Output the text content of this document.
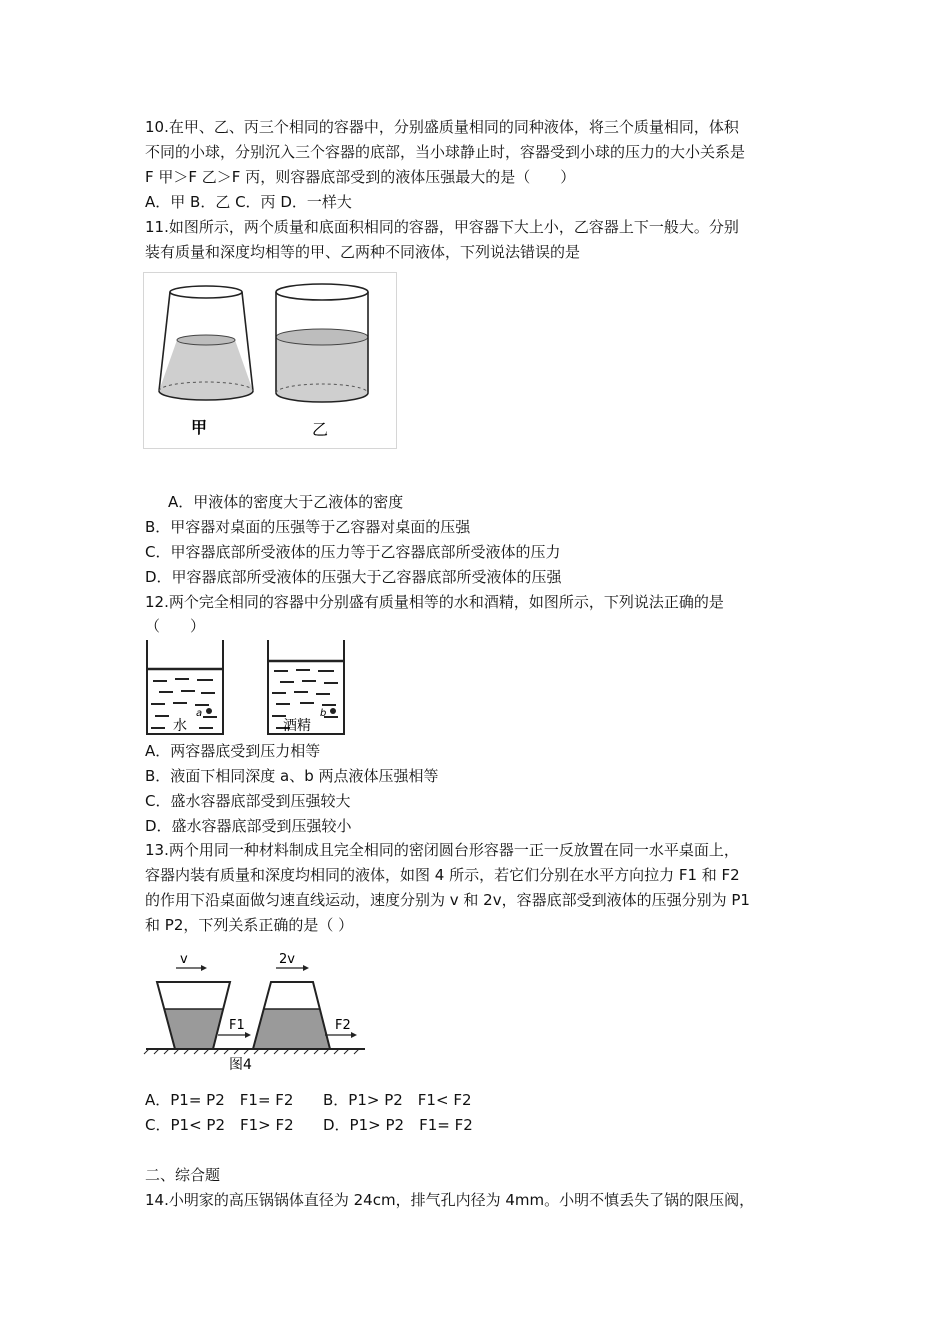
10.在甲、乙、丙三个相同的容器中，分别盛质量相同的同种液体，将三个质量相同，体积
不同的小球，分别沉入三个容器的底部，当小球静止时，容器受到小球的压力的大小关系是
F 甲＞F 乙＞F 丙，则容器底部受到的液体压强最大的是（　　）
A．甲 B．乙 C．丙 D．一样大
11.如图所示，两个质量和底面积相同的容器，甲容器下大上小，乙容器上下一般大。分别
装有质量和深度均相等的甲、乙两种不同液体，下列说法错误的是
甲	乙
A．甲液体的密度大于乙液体的密度
B．甲容器对桌面的压强等于乙容器对桌面的压强
C．甲容器底部所受液体的压力等于乙容器底部所受液体的压力
D．甲容器底部所受液体的压强大于乙容器底部所受液体的压强
12.两个完全相同的容器中分别盛有质量相等的水和酒精，如图所示，下列说法正确的是
（　　）
水
a
酒精
b
A．两容器底受到压力相等
B．液面下相同深度 a、b 两点液体压强相等
C．盛水容器底部受到压强较大
D．盛水容器底部受到压强较小
13.两个用同一种材料制成且完全相同的密闭圆台形容器一正一反放置在同一水平桌面上，
容器内装有质量和深度均相同的液体，如图 4 所示，若它们分别在水平方向拉力 F1 和 F2
的作用下沿桌面做匀速直线运动，速度分别为 v 和 2v，容器底部受到液体的压强分别为 P1
和 P2，下列关系正确的是（ ）
v
F1
2v
F2
图4
A．P1= P2　F1= F2 B．P1> P2　F1< F2
C．P1< P2　F1> F2 D．P1> P2　F1= F2
二、综合题
14.小明家的高压锅锅体直径为 24cm，排气孔内径为 4mm。小明不慎丢失了锅的限压阀，
